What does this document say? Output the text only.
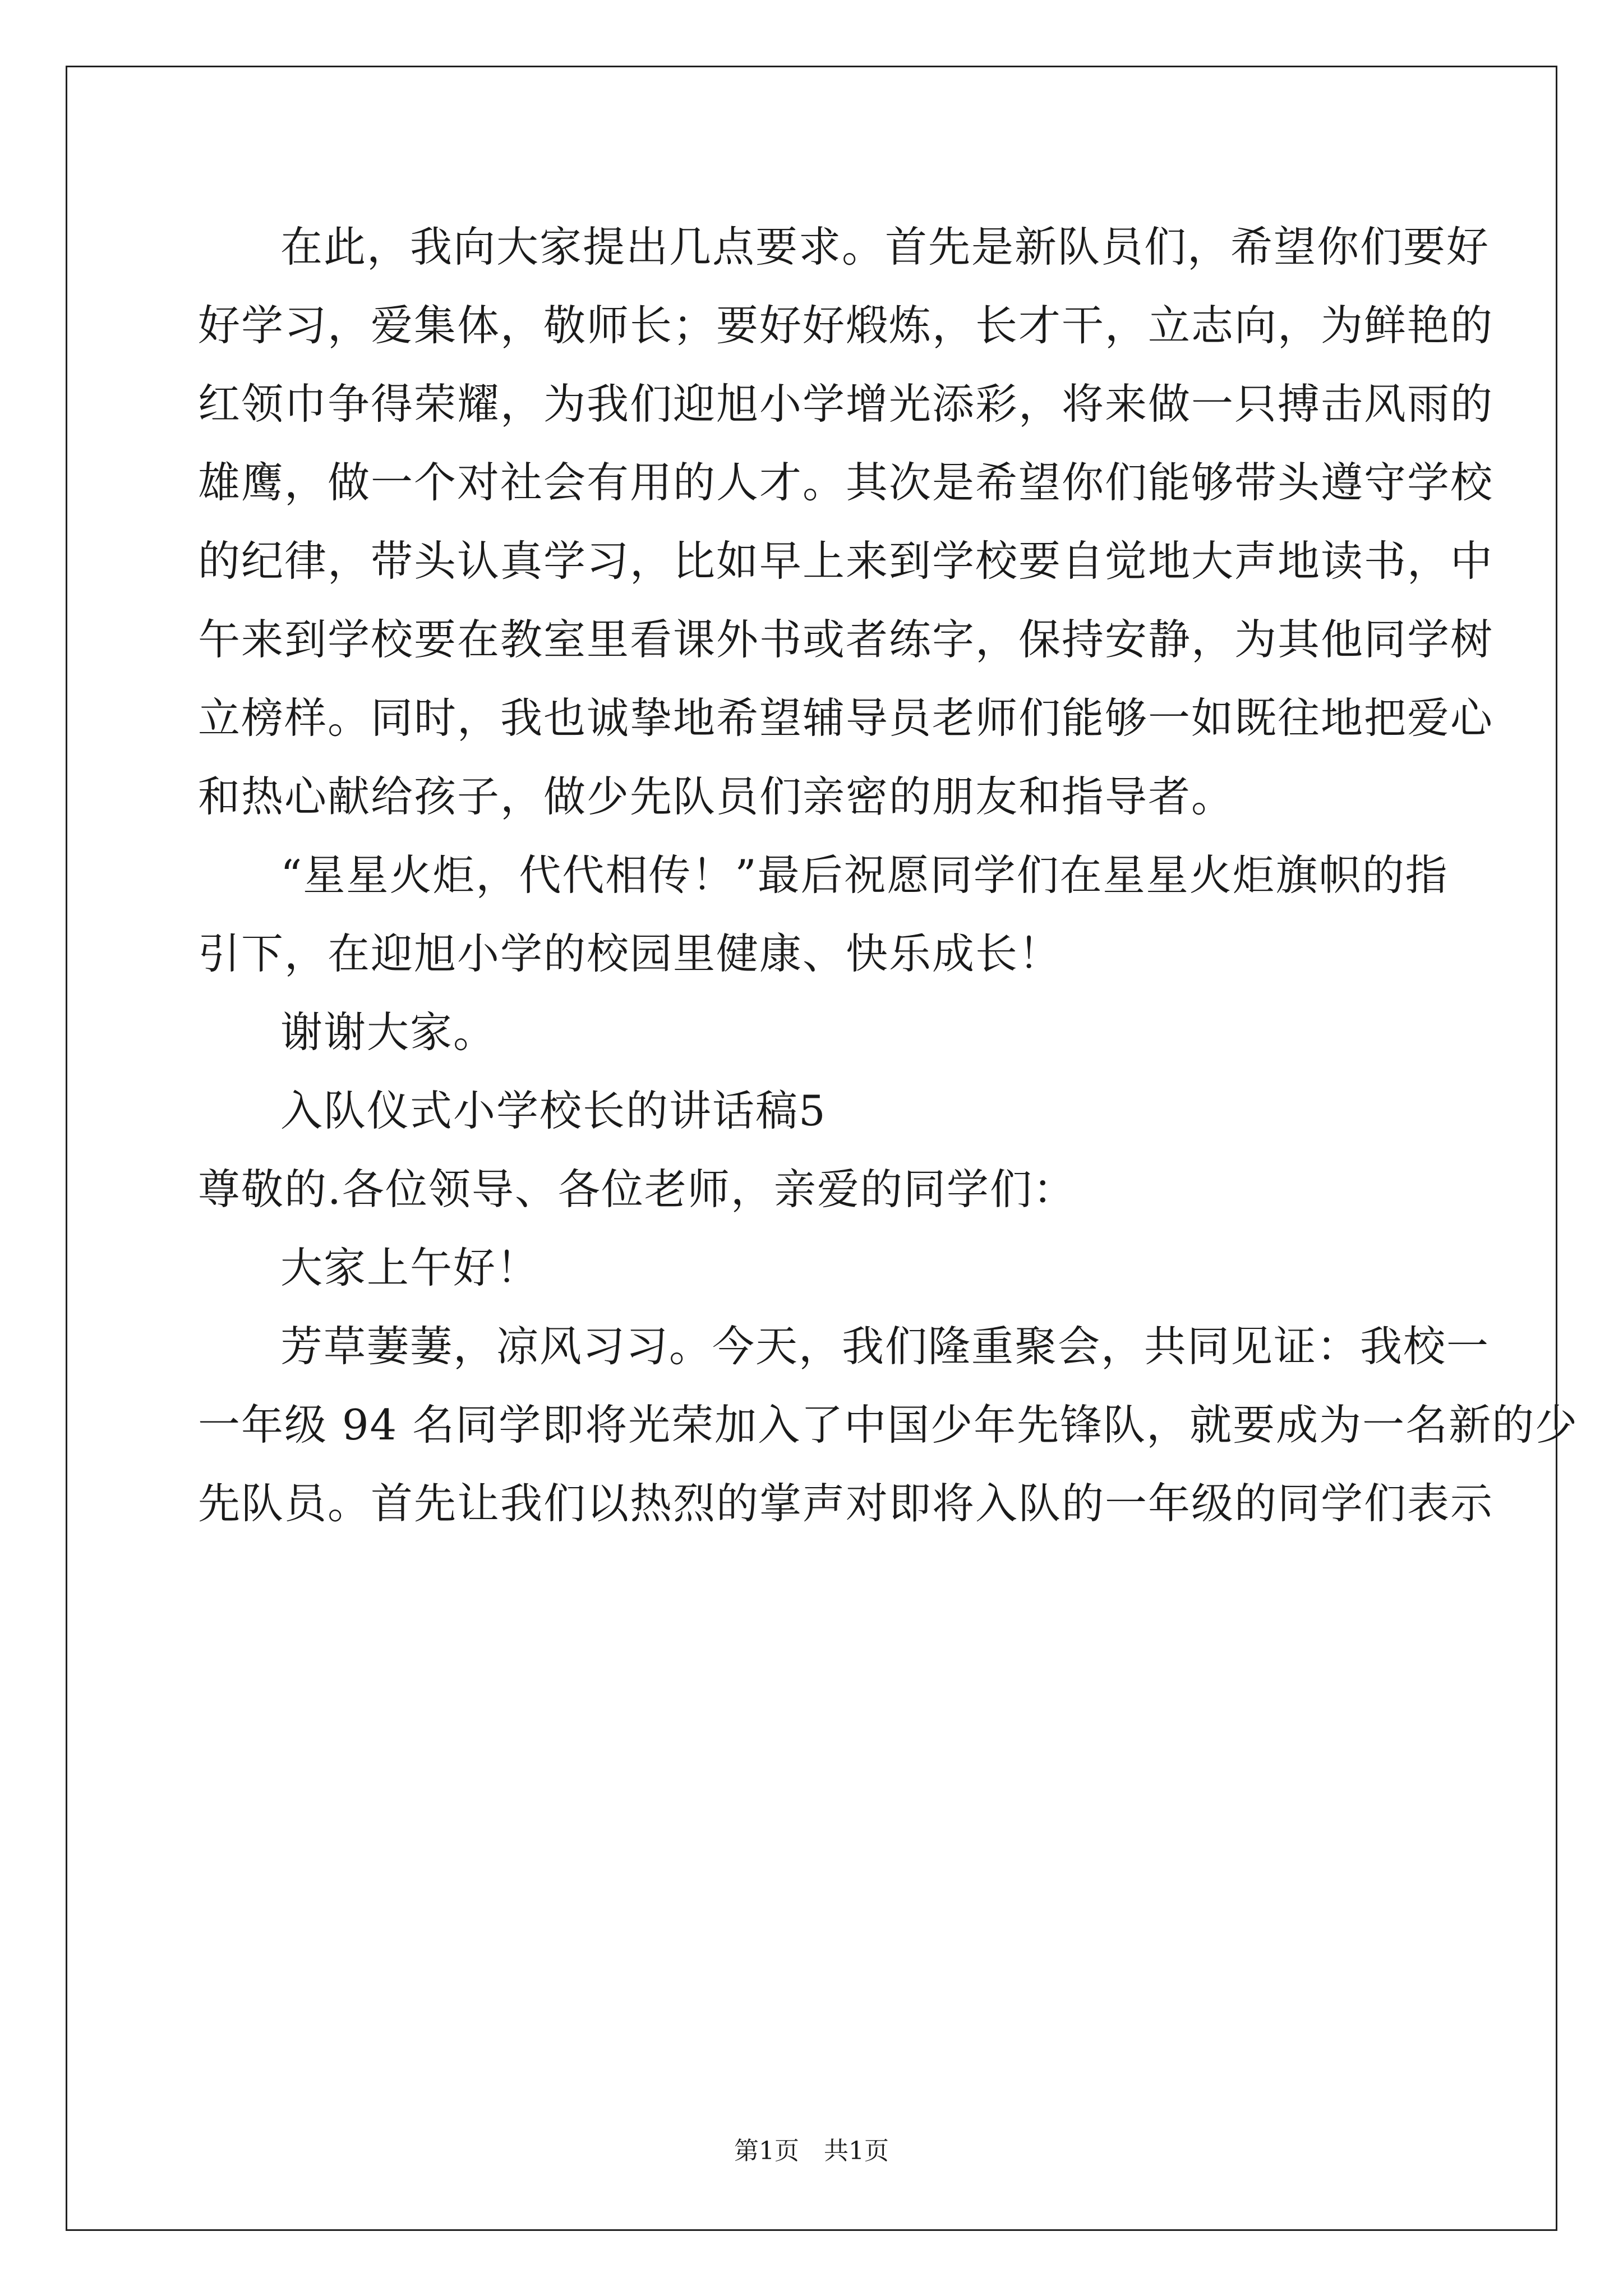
在此，我向大家提出几点要求。首先是新队员们，希望你们要好
好学习，爱集体，敬师长；要好好煅炼，长才干，立志向，为鲜艳的
红领巾争得荣耀，为我们迎旭小学增光添彩，将来做一只搏击风雨的
雄鹰，做一个对社会有用的人才。其次是希望你们能够带头遵守学校
的纪律，带头认真学习，比如早上来到学校要自觉地大声地读书，中
午来到学校要在教室里看课外书或者练字，保持安静，为其他同学树
立榜样。同时，我也诚挚地希望辅导员老师们能够一如既往地把爱心
和热心献给孩子，做少先队员们亲密的朋友和指导者。
“星星火炬，代代相传！”最后祝愿同学们在星星火炬旗帜的指
引下，在迎旭小学的校园里健康、快乐成长！
谢谢大家。
入队仪式小学校长的讲话稿5
尊敬的.各位领导、各位老师，亲爱的同学们：
大家上午好！
芳草萋萋，凉风习习。今天，我们隆重聚会，共同见证：我校一
一年级 94 名同学即将光荣加入了中国少年先锋队，就要成为一名新的少
先队员。首先让我们以热烈的掌声对即将入队的一年级的同学们表示
第1页　共1页
